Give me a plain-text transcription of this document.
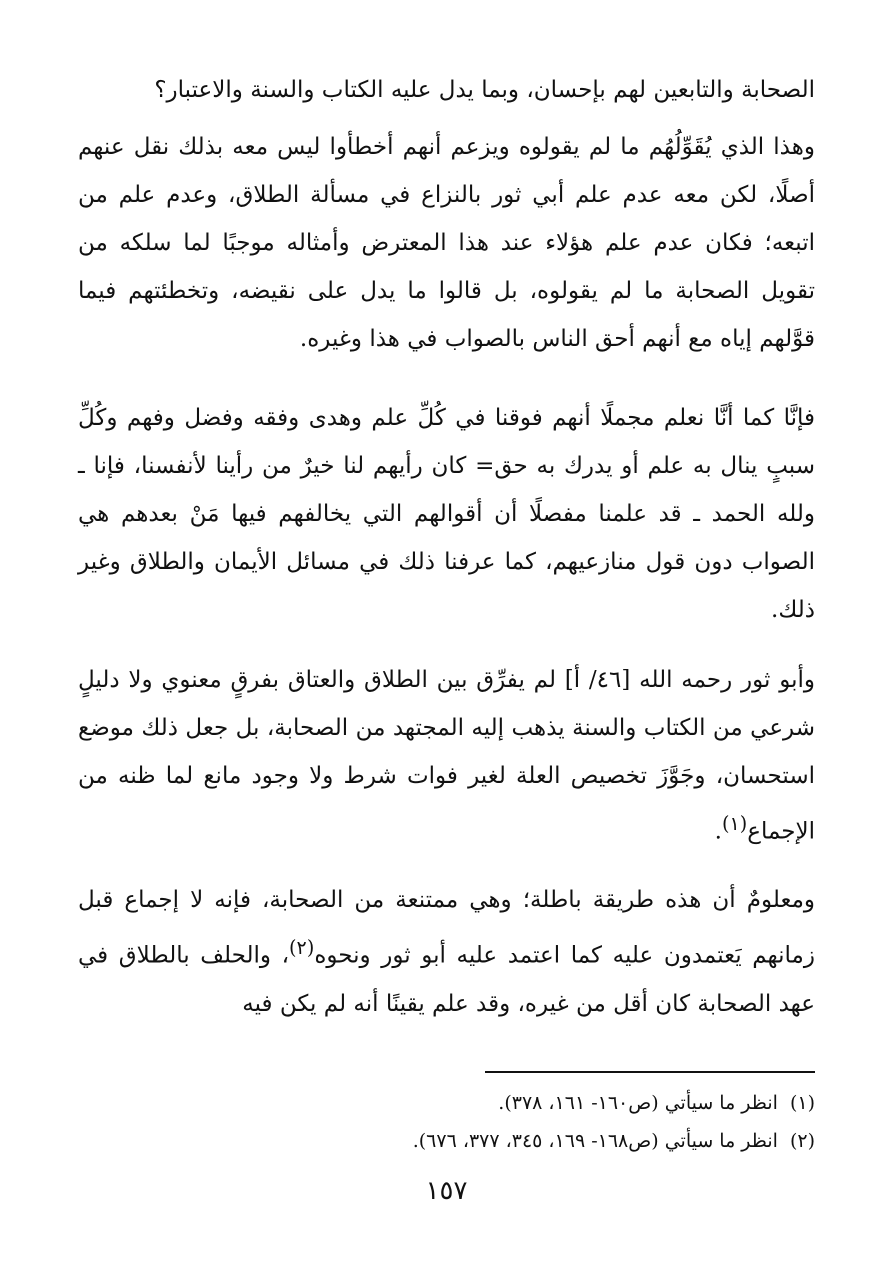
الصحابة والتابعين لهم بإحسان، وبما يدل عليه الكتاب والسنة والاعتبار؟

وهذا الذي يُقَوِّلُهُم ما لم يقولوه ويزعم أنهم أخطأوا ليس معه بذلك نقل عنهم أصلًا، لكن معه عدم علم أبي ثور بالنزاع في مسألة الطلاق، وعدم علم من اتبعه؛ فكان عدم علم هؤلاء عند هذا المعترض وأمثاله موجبًا لما سلكه من تقويل الصحابة ما لم يقولوه، بل قالوا ما يدل على نقيضه، وتخطئتهم فيما قوَّلهم إياه مع أنهم أحق الناس بالصواب في هذا وغيره.

فإنَّا كما أنَّا نعلم مجملًا أنهم فوقنا في كُلِّ علم وهدى وفقه وفضل وفهم وكُلِّ سببٍ ينال به علم أو يدرك به حق= كان رأيهم لنا خيرٌ من رأينا لأنفسنا، فإنا ـ ولله الحمد ـ قد علمنا مفصلًا أن أقوالهم التي يخالفهم فيها مَنْ بعدهم هي الصواب دون قول منازعيهم، كما عرفنا ذلك في مسائل الأيمان والطلاق وغير ذلك.

وأبو ثور رحمه الله [٤٦/ أ] لم يفرِّق بين الطلاق والعتاق بفرقٍ معنوي ولا دليلٍ شرعي من الكتاب والسنة يذهب إليه المجتهد من الصحابة، بل جعل ذلك موضع استحسان، وجَوَّزَ تخصيص العلة لغير فوات شرط ولا وجود مانع لما ظنه من الإجماع$^{(١)}$.

ومعلومٌ أن هذه طريقة باطلة؛ وهي ممتنعة من الصحابة، فإنه لا إجماع قبل زمانهم يَعتمدون عليه كما اعتمد عليه أبو ثور ونحوه$^{(٢)}$، والحلف بالطلاق في عهد الصحابة كان أقل من غيره، وقد علم يقينًا أنه لم يكن فيه

(١)انظر ما سيأتي (ص١٦٠- ١٦١، ٣٧٨).
(٢)انظر ما سيأتي (ص١٦٨- ١٦٩، ٣٤٥، ٣٧٧، ٦٧٦).
١٥٧
